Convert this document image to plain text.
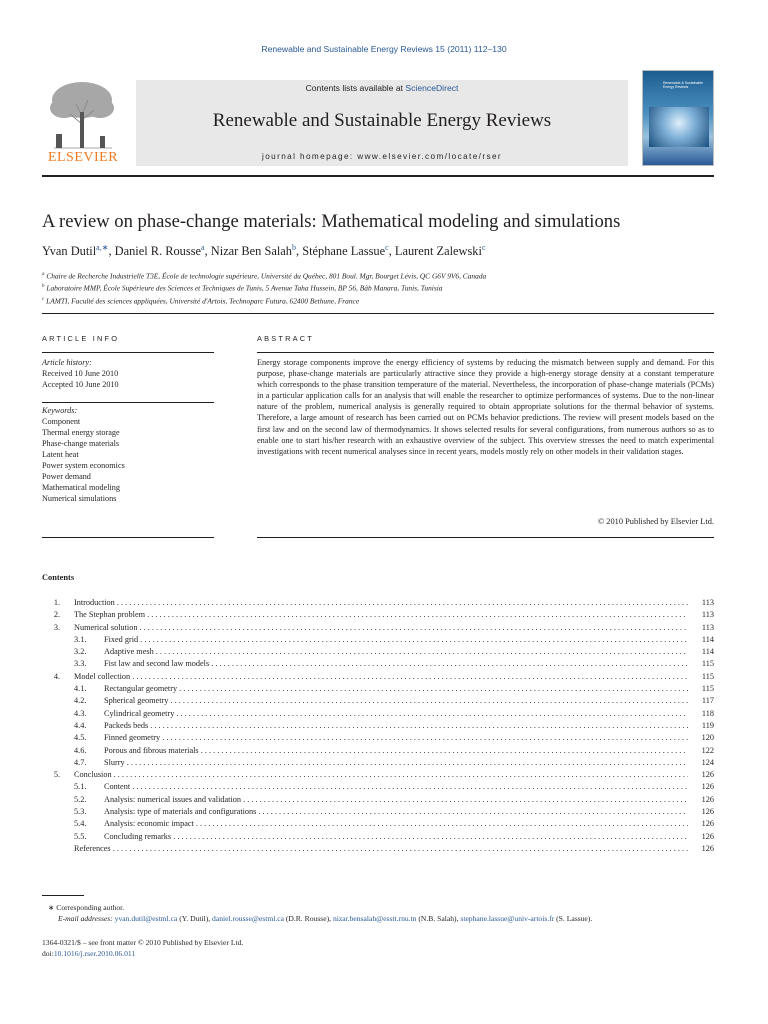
Renewable and Sustainable Energy Reviews 15 (2011) 112–130
ELSEVIER
Contents lists available at ScienceDirect
Renewable and Sustainable Energy Reviews
journal homepage: www.elsevier.com/locate/rser
Renewable & Sustainable Energy Reviews
A review on phase-change materials: Mathematical modeling and simulations
Yvan Dutil$^{a,∗}$, Daniel R. Rousse$^a$, Nizar Ben Salah$^b$, Stéphane Lassue$^c$, Laurent Zalewski$^c$
$^a$ Chaire de Recherche Industrielle T3E, École de technologie supérieure, Université du Québec, 801 Boul. Mgr, Bourget Lévis, QC G6V 9V6, Canada
$^b$ Laboratoire MMP, École Supérieure des Sciences et Techniques de Tunis, 5 Avenue Taha Hussein, BP 56, Bâb Manara, Tunis, Tunisia
$^c$ LAMTI, Faculté des sciences appliquées, Université d'Artois, Technoparc Futura, 62400 Bethune, France
ARTICLE INFO	ABSTRACT
Article history:
Received 10 June 2010
Accepted 10 June 2010
Keywords:
Component
Thermal energy storage
Phase-change materials
Latent heat
Power system economics
Power demand
Mathematical modeling
Numerical simulations
Energy storage components improve the energy efficiency of systems by reducing the mismatch between supply and demand. For this purpose, phase-change materials are particularly attractive since they provide a high-energy storage density at a constant temperature which corresponds to the phase transition temperature of the material. Nevertheless, the incorporation of phase-change materials (PCMs) in a particular application calls for an analysis that will enable the researcher to optimize performances of systems. Due to the non-linear nature of the problem, numerical analysis is generally required to obtain appropriate solutions for the thermal behavior of systems. Therefore, a large amount of research has been carried out on PCMs behavior predictions. The review will present models based on the first law and on the second law of thermodynamics. It shows selected results for several configurations, from numerous authors so as to enable one to start his/her research with an exhaustive overview of the subject. This overview stresses the need to match experimental investigations with recent numerical analyses since in recent years, models mostly rely on other models in their validation stages.
© 2010 Published by Elsevier Ltd.
Contents
1. Introduction . . .	113
2. The Stephan problem . . .	113
3. Numerical solution . . .	113
3.1. Fixed grid . . .	114
3.2. Adaptive mesh . . .	114
3.3. Fist law and second law models . . .	115
4. Model collection . . .	115
4.1. Rectangular geometry . . .	115
4.2. Spherical geometry . . .	117
4.3. Cylindrical geometry . . .	118
4.4. Packeds beds . . .	119
4.5. Finned geometry . . .	120
4.6. Porous and fibrous materials . . .	122
4.7. Slurry . . .	124
5. Conclusion . . .	126
5.1. Content . . .	126
5.2. Analysis: numerical issues and validation . . .	126
5.3. Analysis: type of materials and configurations . . .	126
5.4. Analysis: economic impact . . .	126
5.5. Concluding remarks . . .	126
References . . .	126
∗ Corresponding author.
E-mail addresses: yvan.dutil@estml.ca (Y. Dutil), daniel.rousse@estml.ca (D.R. Rousse), nizar.bensalah@esstt.rnu.tn (N.B. Salah), stephane.lassue@univ-artois.fr (S. Lassue).
1364-0321/$ – see front matter © 2010 Published by Elsevier Ltd.
doi:10.1016/j.rser.2010.06.011
